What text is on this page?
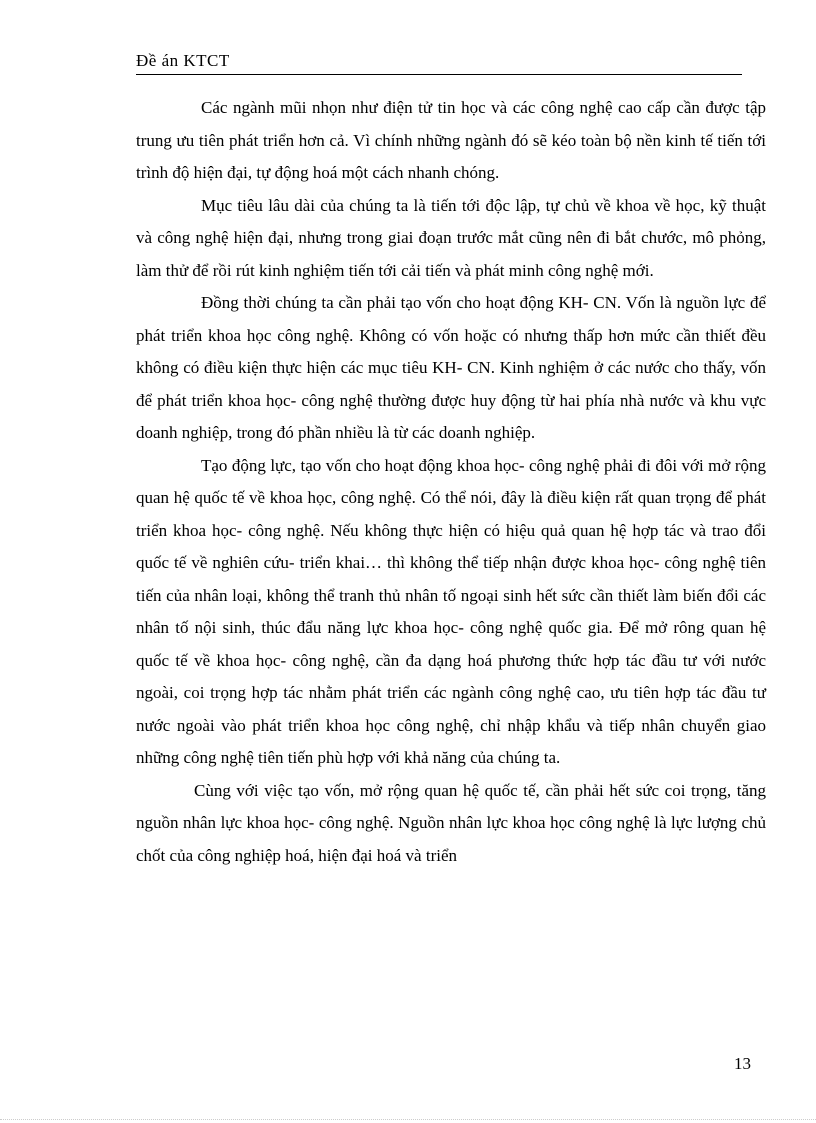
Đề án KTCT

Các ngành mũi nhọn như điện tử tin học và các công nghệ cao cấp cần được tập trung ưu tiên phát triển hơn cả. Vì chính những ngành đó sẽ kéo toàn bộ nền kinh tế tiến tới trình độ hiện đại, tự động hoá một cách nhanh chóng.

Mục tiêu lâu dài của chúng ta là tiến tới độc lập, tự chủ về khoa về học, kỹ thuật và công nghệ hiện đại, nhưng trong giai đoạn trước mắt cũng nên đi bắt chước, mô phỏng, làm thử để rồi rút kinh nghiệm tiến tới cải tiến và phát minh công nghệ mới.

Đồng thời chúng ta cần phải tạo vốn cho hoạt động KH- CN. Vốn là nguồn lực để phát triển khoa học công nghệ. Không có vốn hoặc có nhưng thấp hơn mức cần thiết đều không có điều kiện thực hiện các mục tiêu KH- CN. Kinh nghiệm ở các nước cho thấy, vốn để phát triển khoa học- công nghệ thường được huy động từ hai phía nhà nước và khu vực doanh nghiệp, trong đó phần nhiều là từ các doanh nghiệp.

Tạo động lực, tạo vốn cho hoạt động khoa học- công nghệ phải đi đôi với mở rộng quan hệ quốc tế về khoa học, công nghệ. Có thể nói, đây là điều kiện rất quan trọng để phát triển khoa học- công nghệ. Nếu không thực hiện có hiệu quả quan hệ hợp tác và trao đổi quốc tế về nghiên cứu- triển khai… thì không thể tiếp nhận được khoa học- công nghệ tiên tiến của nhân loại, không thể tranh thủ nhân tố ngoại sinh hết sức cần thiết làm biến đổi các nhân tố nội sinh, thúc đẩu năng lực khoa học- công nghệ quốc gia. Để mở rông quan hệ quốc tế về khoa học- công nghệ, cần đa dạng hoá phương thức hợp tác đầu tư với nước ngoài, coi trọng hợp tác nhằm phát triển các ngành công nghệ cao, ưu tiên hợp tác đầu tư nước ngoài vào phát triển khoa học công nghệ, chỉ nhập khẩu và tiếp nhân chuyển giao những công nghệ tiên tiến phù hợp với khả năng của chúng ta.

Cùng với việc tạo vốn, mở rộng quan hệ quốc tế, cần phải hết sức coi trọng, tăng nguồn nhân lực khoa học- công nghệ. Nguồn nhân lực khoa học công nghệ là lực lượng chủ chốt của công nghiệp hoá, hiện đại hoá và triển

13
